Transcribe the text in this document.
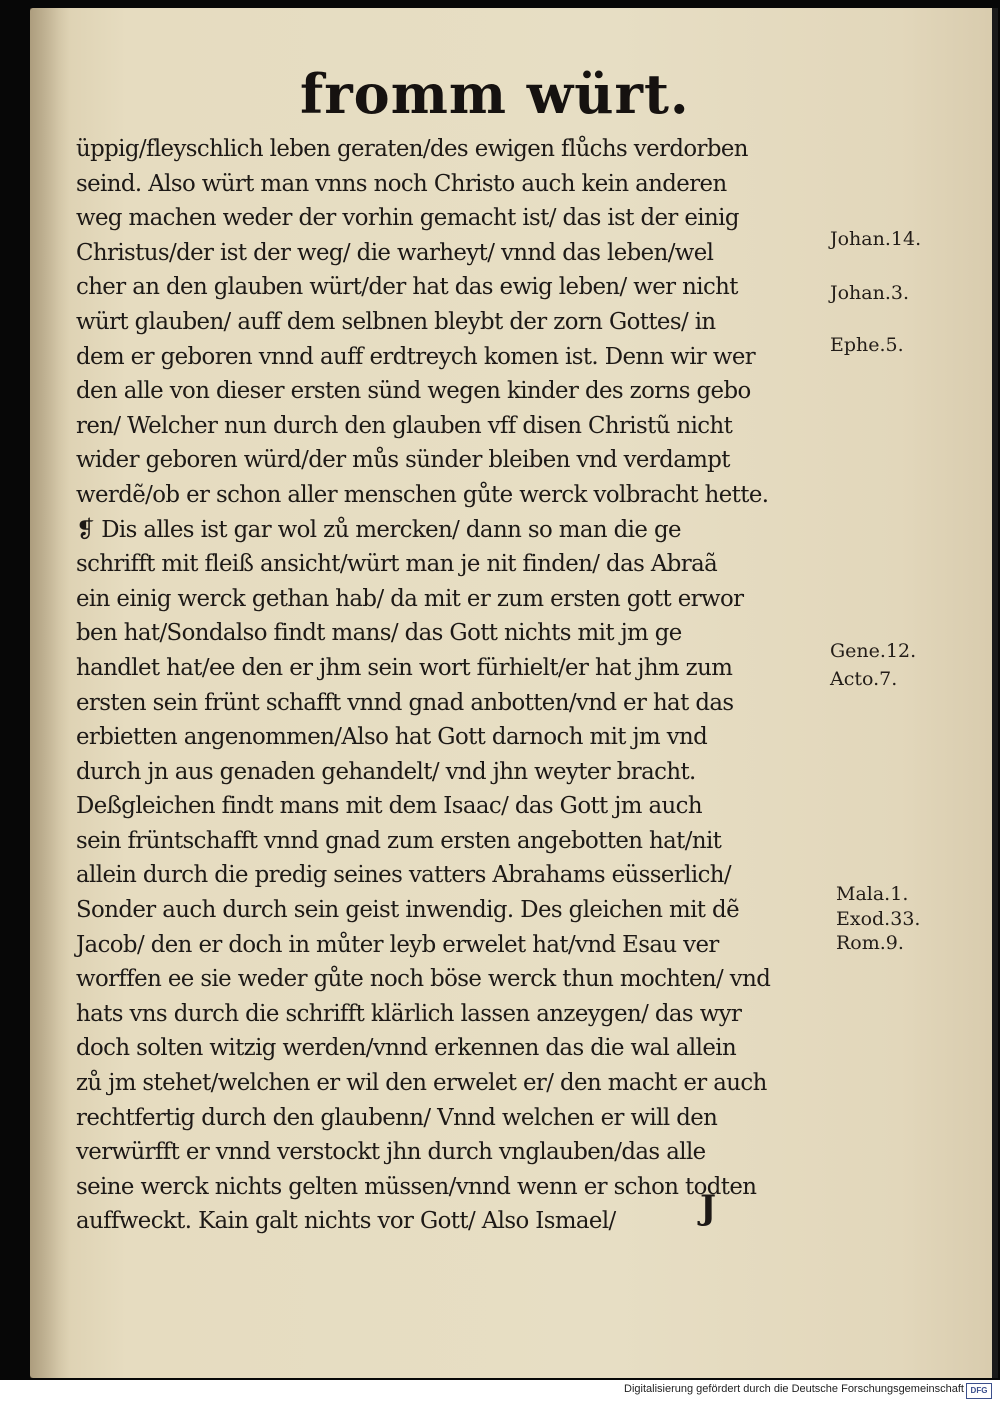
fromm würt.
üppig/fleyschlich leben geraten/des ewigen flůchs verdorben
seind. Also würt man vnns noch Christo auch kein anderen
weg machen weder der vorhin gemacht ist/ das ist der einig
Christus/der ist der weg/ die warheyt/ vnnd das leben/wel
cher an den glauben würt/der hat das ewig leben/ wer nicht
würt glauben/ auff dem selbnen bleybt der zorn Gottes/ in
dem er geboren vnnd auff erdtreych komen ist. Denn wir wer
den alle von dieser ersten sünd wegen kinder des zorns gebo
ren/ Welcher nun durch den glauben vff disen Christũ nicht
wider geboren würd/der můs sünder bleiben vnd verdampt
werdẽ/ob er schon aller menschen gůte werck volbracht hette.
❡ Dis alles ist gar wol zů mercken/ dann so man die ge
schrifft mit fleiß ansicht/würt man je nit finden/ das Abraã
ein einig werck gethan hab/ da mit er zum ersten gott erwor
ben hat/Sondalso findt mans/ das Gott nichts mit jm ge
handlet hat/ee den er jhm sein wort fürhielt/er hat jhm zum
ersten sein frünt schafft vnnd gnad anbotten/vnd er hat das
erbietten angenommen/Also hat Gott darnoch mit jm vnd
durch jn aus genaden gehandelt/ vnd jhn weyter bracht.
Deßgleichen findt mans mit dem Isaac/ das Gott jm auch
sein früntschafft vnnd gnad zum ersten angebotten hat/nit
allein durch die predig seines vatters Abrahams eüsserlich/
Sonder auch durch sein geist inwendig. Des gleichen mit dẽ
Jacob/ den er doch in můter leyb erwelet hat/vnd Esau ver
worffen ee sie weder gůte noch böse werck thun mochten/ vnd
hats vns durch die schrifft klärlich lassen anzeygen/ das wyr
doch solten witzig werden/vnnd erkennen das die wal allein
zů jm stehet/welchen er wil den erwelet er/ den macht er auch
rechtfertig durch den glaubenn/ Vnnd welchen er will den
verwürfft er vnnd verstockt jhn durch vnglauben/das alle
seine werck nichts gelten müssen/vnnd wenn er schon todten
auffweckt. Kain galt nichts vor Gott/ Also Ismael/
Johan.14.
Johan.3.
Ephe.5.
Gene.12.
Acto.7.
Mala.1.
Exod.33.
Rom.9.
J
Digitalisierung gefördert durch die Deutsche Forschungsgemeinschaft DFG
